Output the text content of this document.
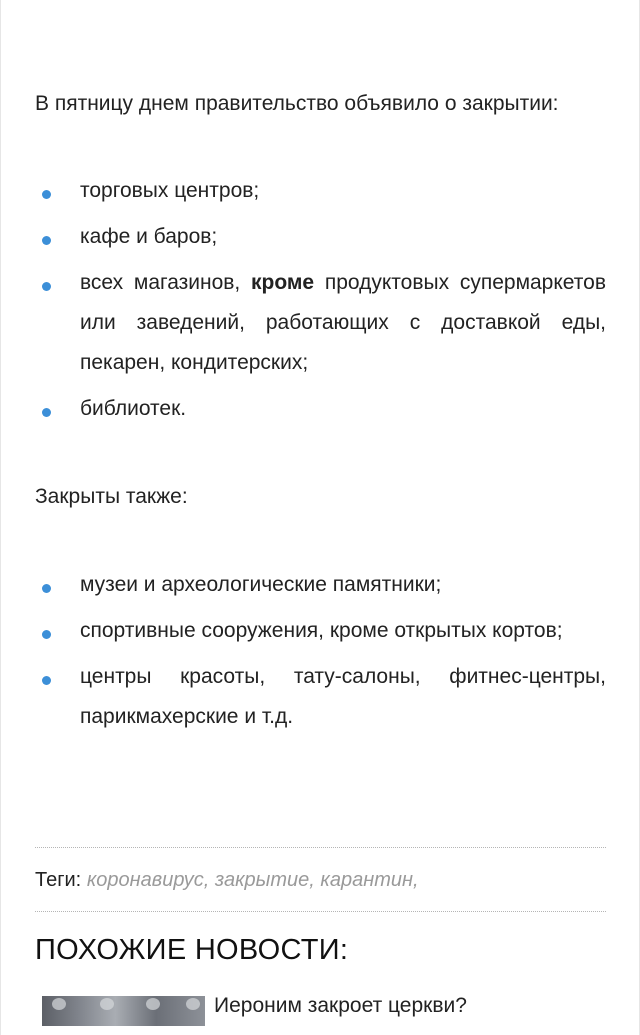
В пятницу днем правительство объявило о закрытии:

торговых центров;
кафе и баров;
всех магазинов, кроме продуктовых супермаркетов или заведений, работающих с доставкой еды, пекарен, кондитерских;
библиотек.

Закрыты также:

музеи и археологические памятники;
спортивные сооружения, кроме открытых кортов;
центры красоты, тату-салоны, фитнес-центры, парикмахерские и т.д.
Теги: коронавирус, закрытие, карантин,
ПОХОЖИЕ НОВОСТИ:
Иероним закроет церкви?
